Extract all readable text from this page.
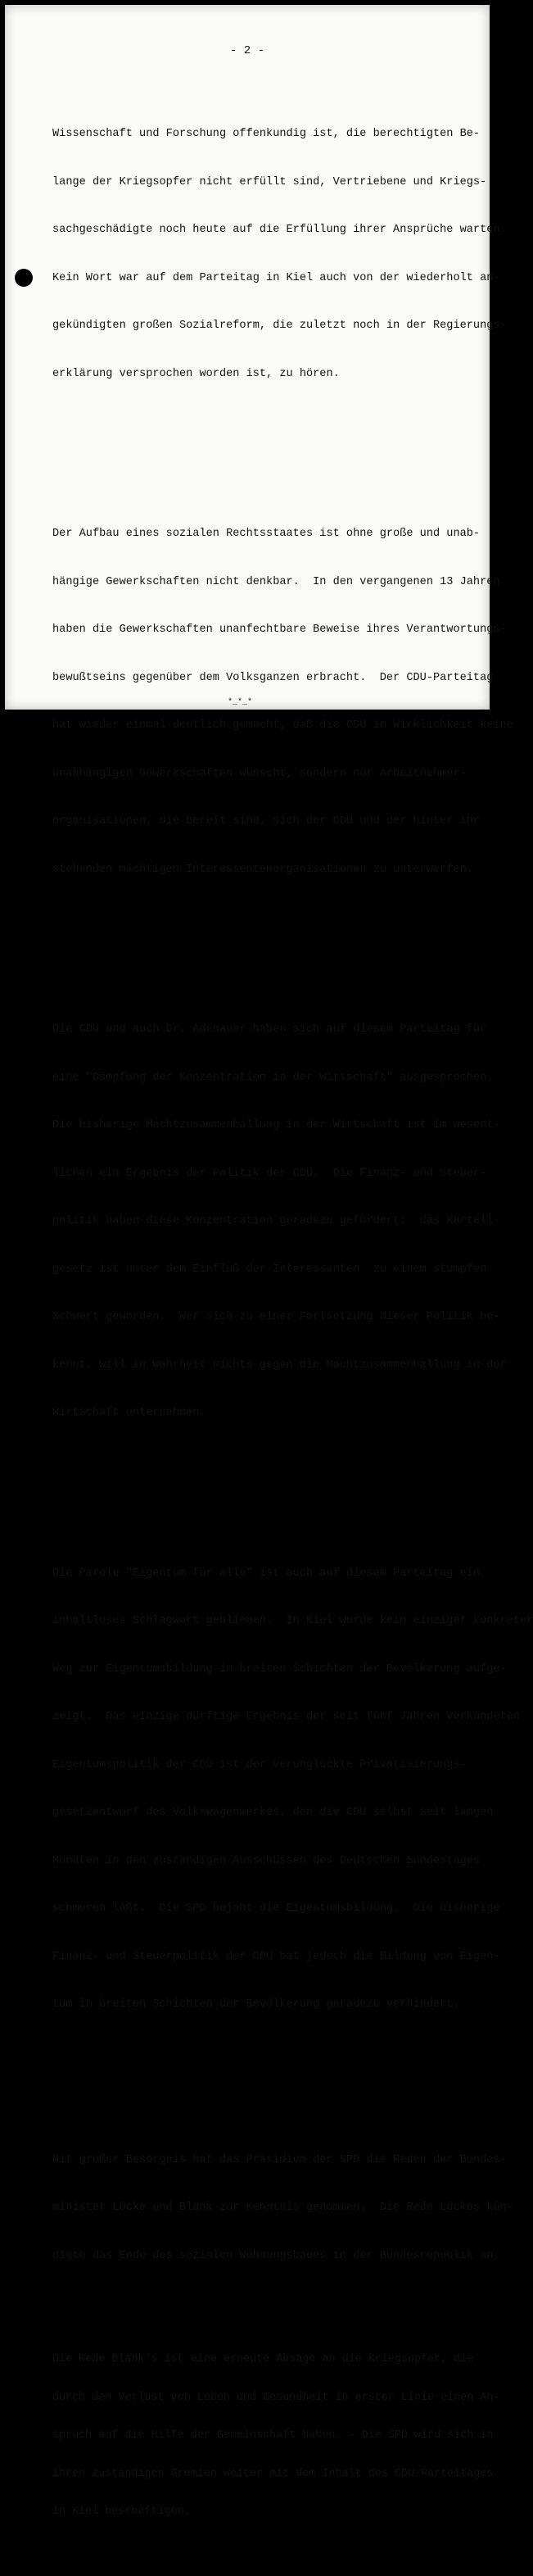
- 2 -

Wissenschaft und Forschung offenkundig ist, die berechtigten Be-

lange der Kriegsopfer nicht erfüllt sind, Vertriebene und Kriegs-

sachgeschädigte noch heute auf die Erfüllung ihrer Ansprüche warten.

Kein Wort war auf dem Parteitag in Kiel auch von der wiederholt an-

gekündigten großen Sozialreform, die zuletzt noch in der Regierungs-

erklärung versprochen worden ist, zu hören.

Der Aufbau eines sozialen Rechtsstaates ist ohne große und unab-

hängige Gewerkschaften nicht denkbar.  In den vergangenen 13 Jahren

haben die Gewerkschaften unanfechtbare Beweise ihres Verantwortungs-

bewußtseins gegenüber dem Volksganzen erbracht.  Der CDU-Parteitag

hat wieder einmal deutlich gemacht, daß die CDU in Wirklichkeit keine

unabhängigen Gewerkschaften wünscht, sondern nur Arbeitnehmer-

organisationen, die bereit sind, sich der CDU und der hinter ihr

stehenden mächtigen Interessentenorganisationen zu unterwerfen.

Die CDU und auch Dr. Adenauer haben sich auf diesem Parteitag für

eine "Dämpfung der Konzentration in der Wirtschaft" ausgesprochen.

Die bisherige Machtzusammenballung in der Wirtschaft ist im wesent-

lichen ein Ergebnis der Politik der CDU.  Die Finanz- und Steuer-

politik haben diese Konzentration geradezu gefördert;  das Kartell-

gesetz ist unter dem Einfluß der Interessenten  zu einem stumpfen

Schwert geworden.  Wer sich zu einer Fortsetzung dieser Politik be-

kennt, will in Wahrheit nichts gegen die Machtzusammenballung in der

Wirtschaft unternehmen.

Die Parole "Eigentum für alle" ist auch auf diesem Parteitag ein

inhaltloses Schlagwort geblieben.  In Kiel wurde kein einziger konkreter

Weg zur Eigentumsbildung in breiten Schichten der Bevölkerung aufge-

zeigt.  Das einzige dürftige Ergebnis der seit fünf Jahren verkündeten

Eigentumspolitik der CDU ist der verunglückte Privatisierungs-

gesetzentwurf des Volkswagenwerkes, den die CDU selbst seit langen

Monaten in den zuständigen Ausschüssen des Deutschen Bundestages

schmoren läßt.  Die SPD bejaht die Eigentumsbildung.  Die bisherige

Finanz- und Steuerpolitik der CDU hat jedoch die Bildung von Eigen-

tum in breiten Schichten der Bevölkerung geradezu verhindert.

Mit großer Besorgnis hat das Präsidium der SPD die Reden der Bundes-

minister Lücke und Blank zur Kenntnis genommen.  Die Rede Lückes kün-

digte das Ende des sozialen Wohnungsbaues in der Bundesrepublik an.

Die Rede Blank's ist eine erneute Absage an die Kriegsopfer, die

durch den Verlust von Leben und Gesundheit in erster Linie einen An-

spruch auf die Hilfe der Gemeinschaft haben. - Die SPD wird sich in

ihren zuständigen Gremien weiter mit dem Inhalt des CDU-Parteitages

in Kiel beschäftigen.

*_*_*
